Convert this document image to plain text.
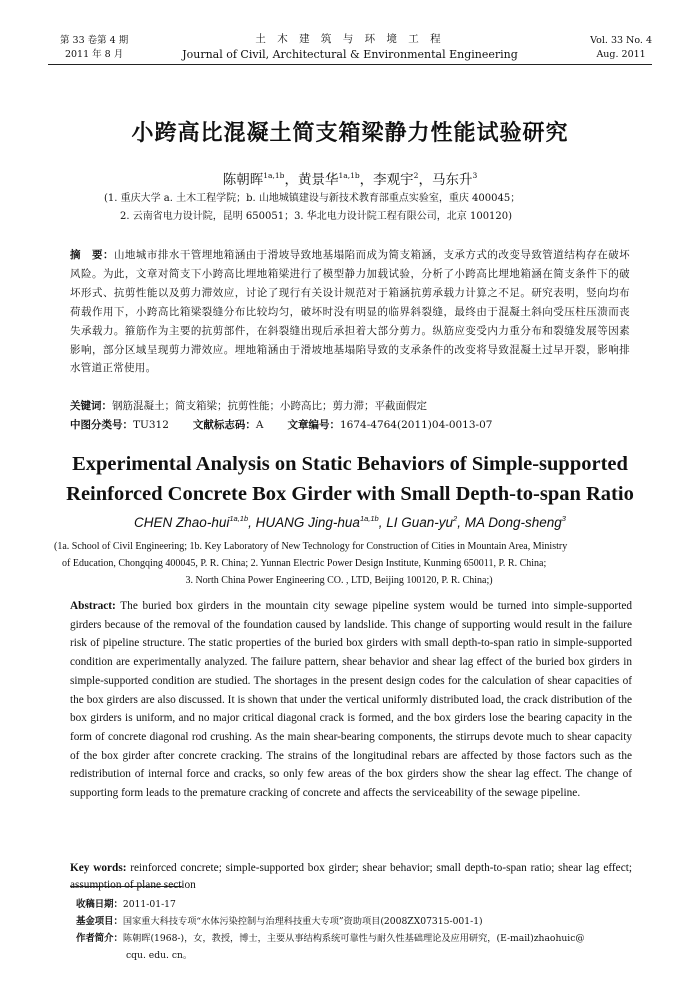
第 33 卷第 4 期
2011 年 8 月
土 木 建 筑 与 环 境 工 程
Journal of Civil, Architectural & Environmental Engineering
Vol. 33 No. 4
Aug. 2011
小跨高比混凝土简支箱梁静力性能试验研究
陈朝晖$^{1a,1b}$，黄景华$^{1a,1b}$，李观宇$^2$，马东升$^3$
(1. 重庆大学 a. 土木工程学院；b. 山地城镇建设与新技术教育部重点实验室，重庆 400045；
2. 云南省电力设计院，昆明 650051；3. 华北电力设计院工程有限公司，北京 100120)
摘　要：山地城市排水干管埋地箱涵由于滑坡导致地基塌陷而成为简支箱涵，支承方式的改变导致管道结构存在破坏风险。为此，文章对简支下小跨高比埋地箱梁进行了模型静力加载试验，分析了小跨高比埋地箱涵在简支条件下的破坏形式、抗剪性能以及剪力滞效应，讨论了现行有关设计规范对于箱涵抗剪承载力计算之不足。研究表明，竖向均布荷载作用下，小跨高比箱梁裂缝分布比较均匀，破坏时没有明显的临界斜裂缝，最终由于混凝土斜向受压柱压溃而丧失承载力。箍筋作为主要的抗剪部件，在斜裂缝出现后承担着大部分剪力。纵筋应变受内力重分布和裂缝发展等因素影响，部分区域呈现剪力滞效应。埋地箱涵由于滑坡地基塌陷导致的支承条件的改变将导致混凝土过早开裂，影响排水管道正常使用。
关键词：钢筋混凝土；简支箱梁；抗剪性能；小跨高比；剪力滞；平截面假定
中图分类号：TU312 文献标志码：A 文章编号：1674-4764(2011)04-0013-07
Experimental Analysis on Static Behaviors of Simple-supported Reinforced Concrete Box Girder with Small Depth-to-span Ratio
CHEN Zhao-hui$^{1a,1b}$, HUANG Jing-hua$^{1a,1b}$, LI Guan-$yu^2$, MA Dong-sheng$^3$
(1a. School of Civil Engineering; 1b. Key Laboratory of New Technology for Construction of Cities in Mountain Area, Ministry
of Education, Chongqing 400045, P. R. China; 2. Yunnan Electric Power Design Institute, Kunming 650011, P. R. China;
3. North China Power Engineering CO. , LTD, Beijing 100120, P. R. China;)
Abstract: The buried box girders in the mountain city sewage pipeline system would be turned into simple-supported girders because of the removal of the foundation caused by landslide. This change of supporting would result in the failure risk of pipeline structure. The static properties of the buried box girders with small depth-to-span ratio in simple-supported condition are experimentally analyzed. The failure pattern, shear behavior and shear lag effect of the buried box girders in simple-supported condition are studied. The shortages in the present design codes for the calculation of shear capacities of the box girders are also discussed. It is shown that under the vertical uniformly distributed load, the crack distribution of the box girders is uniform, and no major critical diagonal crack is formed, and the box girders lose the bearing capacity in the form of concrete diagonal rod crushing. As the main shear-bearing components, the stirrups devote much to shear capacity of the box girder after concrete cracking. The strains of the longitudinal rebars are affected by those factors such as the redistribution of internal force and cracks, so only few areas of the box girders show the shear lag effect. The change of supporting form leads to the premature cracking of concrete and affects the serviceability of the sewage pipeline.
Key words: reinforced concrete; simple-supported box girder; shear behavior; small depth-to-span ratio; shear lag effect; assumption of plane section
收稿日期：2011-01-17
基金项目：国家重大科技专项“水体污染控制与治理科技重大专项”资助项目(2008ZX07315-001-1)
作者简介：陈朝晖(1968-)，女，教授，博士，主要从事结构系统可靠性与耐久性基础理论及应用研究，(E-mail)zhaohuic@
cqu. edu. cn。
